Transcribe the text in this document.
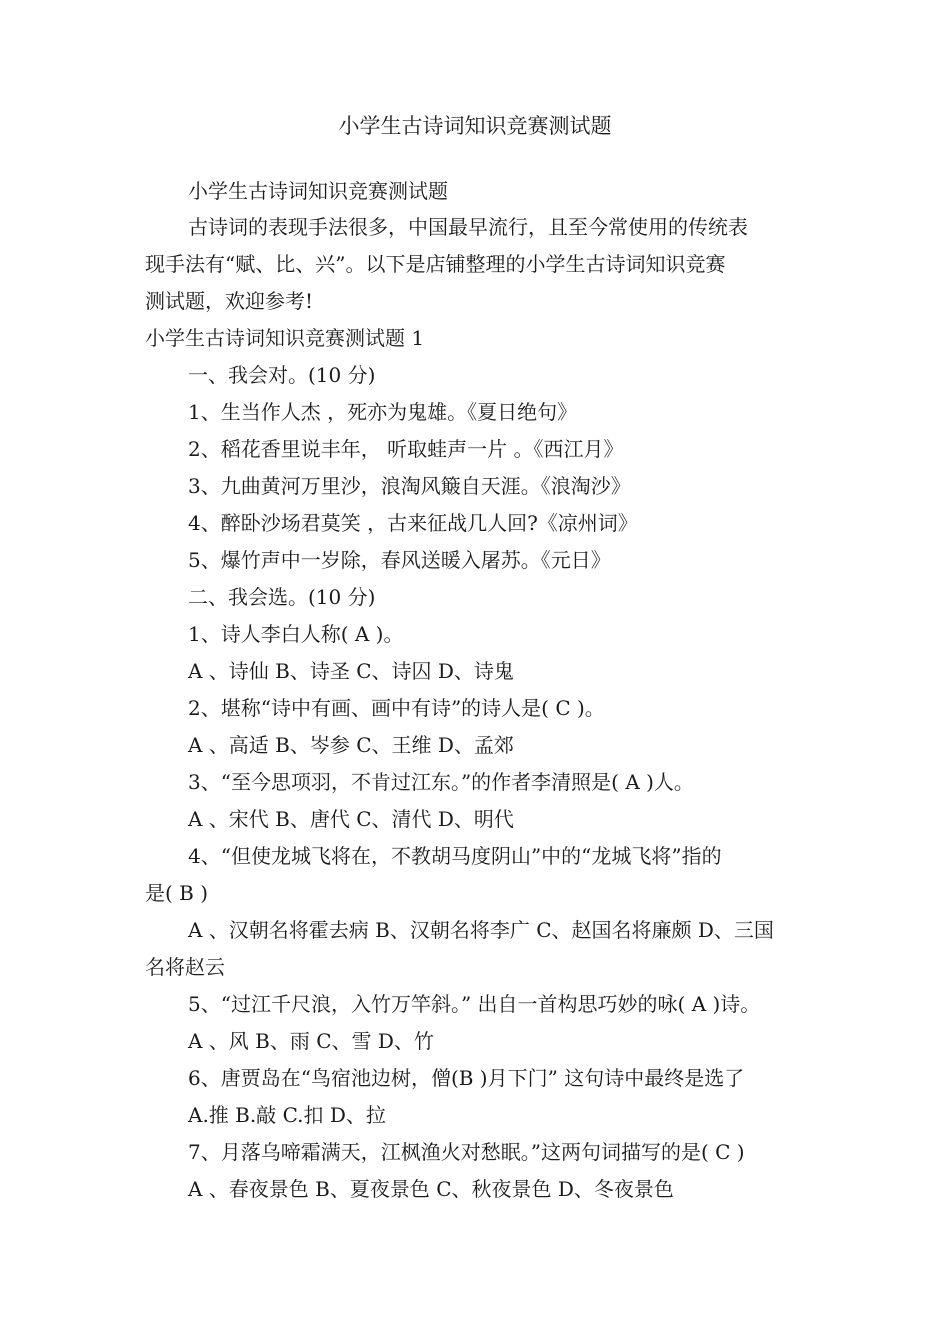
小学生古诗词知识竞赛测试题
小学生古诗词知识竞赛测试题
古诗词的表现手法很多，中国最早流行，且至今常使用的传统表
现手法有“赋、比、兴”。以下是店铺整理的小学生古诗词知识竞赛
测试题，欢迎参考!
小学生古诗词知识竞赛测试题 1
一、我会对。(10 分)
1、生当作人杰 ，死亦为鬼雄。《夏日绝句》
2、稻花香里说丰年， 听取蛙声一片 。《西江月》
3、九曲黄河万里沙，浪淘风簸自天涯。《浪淘沙》
4、醉卧沙场君莫笑 ，古来征战几人回?《凉州词》
5、爆竹声中一岁除，春风送暖入屠苏。《元日》
二、我会选。(10 分)
1、诗人李白人称( A )。
A 、诗仙 B、诗圣 C、诗囚 D、诗鬼
2、堪称“诗中有画、画中有诗”的诗人是( C )。
A 、高适 B、岑参 C、王维 D、孟郊
3、“至今思项羽，不肯过江东。”的作者李清照是( A )人。
A 、宋代 B、唐代 C、清代 D、明代
4、“但使龙城飞将在，不教胡马度阴山”中的“龙城飞将”指的
是( B )
A 、汉朝名将霍去病 B、汉朝名将李广 C、赵国名将廉颇 D、三国
名将赵云
5、“过江千尺浪，入竹万竿斜。” 出自一首构思巧妙的咏( A )诗。
A 、风 B、雨 C、雪 D、竹
6、唐贾岛在“鸟宿池边树，僧(B )月下门” 这句诗中最终是选了
A.推 B.敲 C.扣 D、拉
7、月落乌啼霜满天，江枫渔火对愁眠。”这两句词描写的是( C )
A 、春夜景色 B、夏夜景色 C、秋夜景色 D、冬夜景色
